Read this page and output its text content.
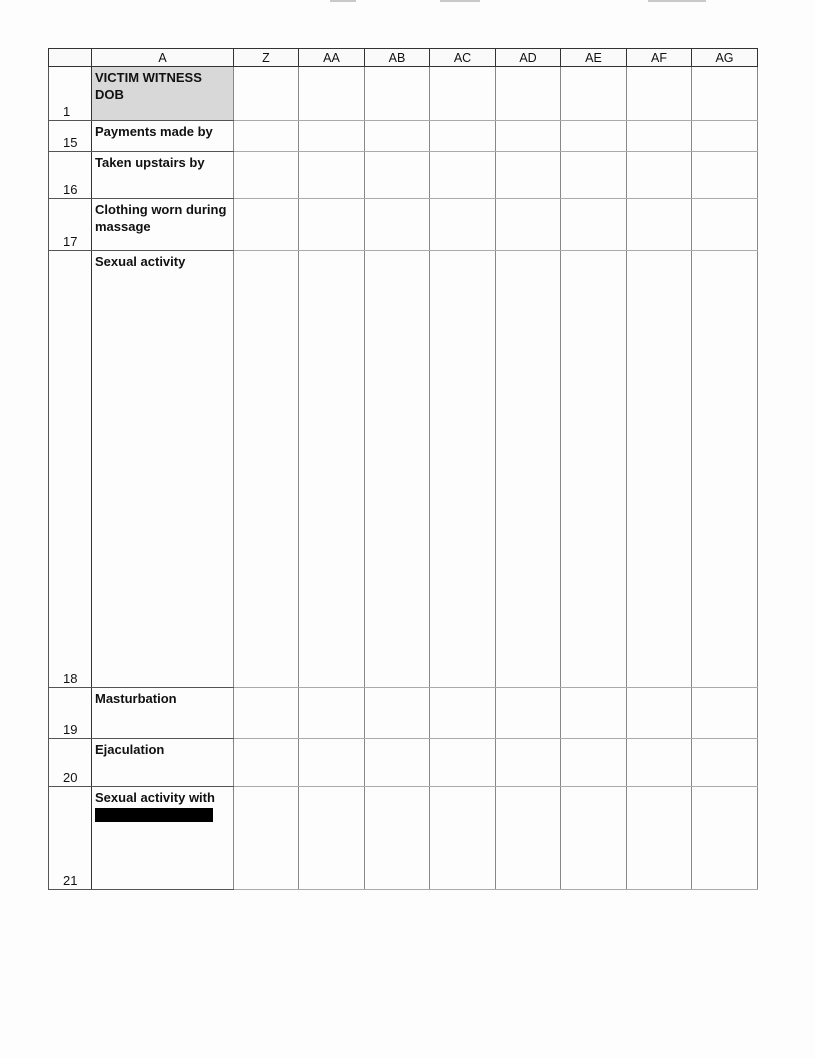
	A	Z	AA	AB	AC	AD	AE	AF	AG

1	VICTIM WITNESS
DOB								

15	Payments made by								

16	Taken upstairs by								

17	Clothing worn during massage								

18	Sexual activity								

19	Masturbation								

20	Ejaculation								

21	Sexual activity with								
